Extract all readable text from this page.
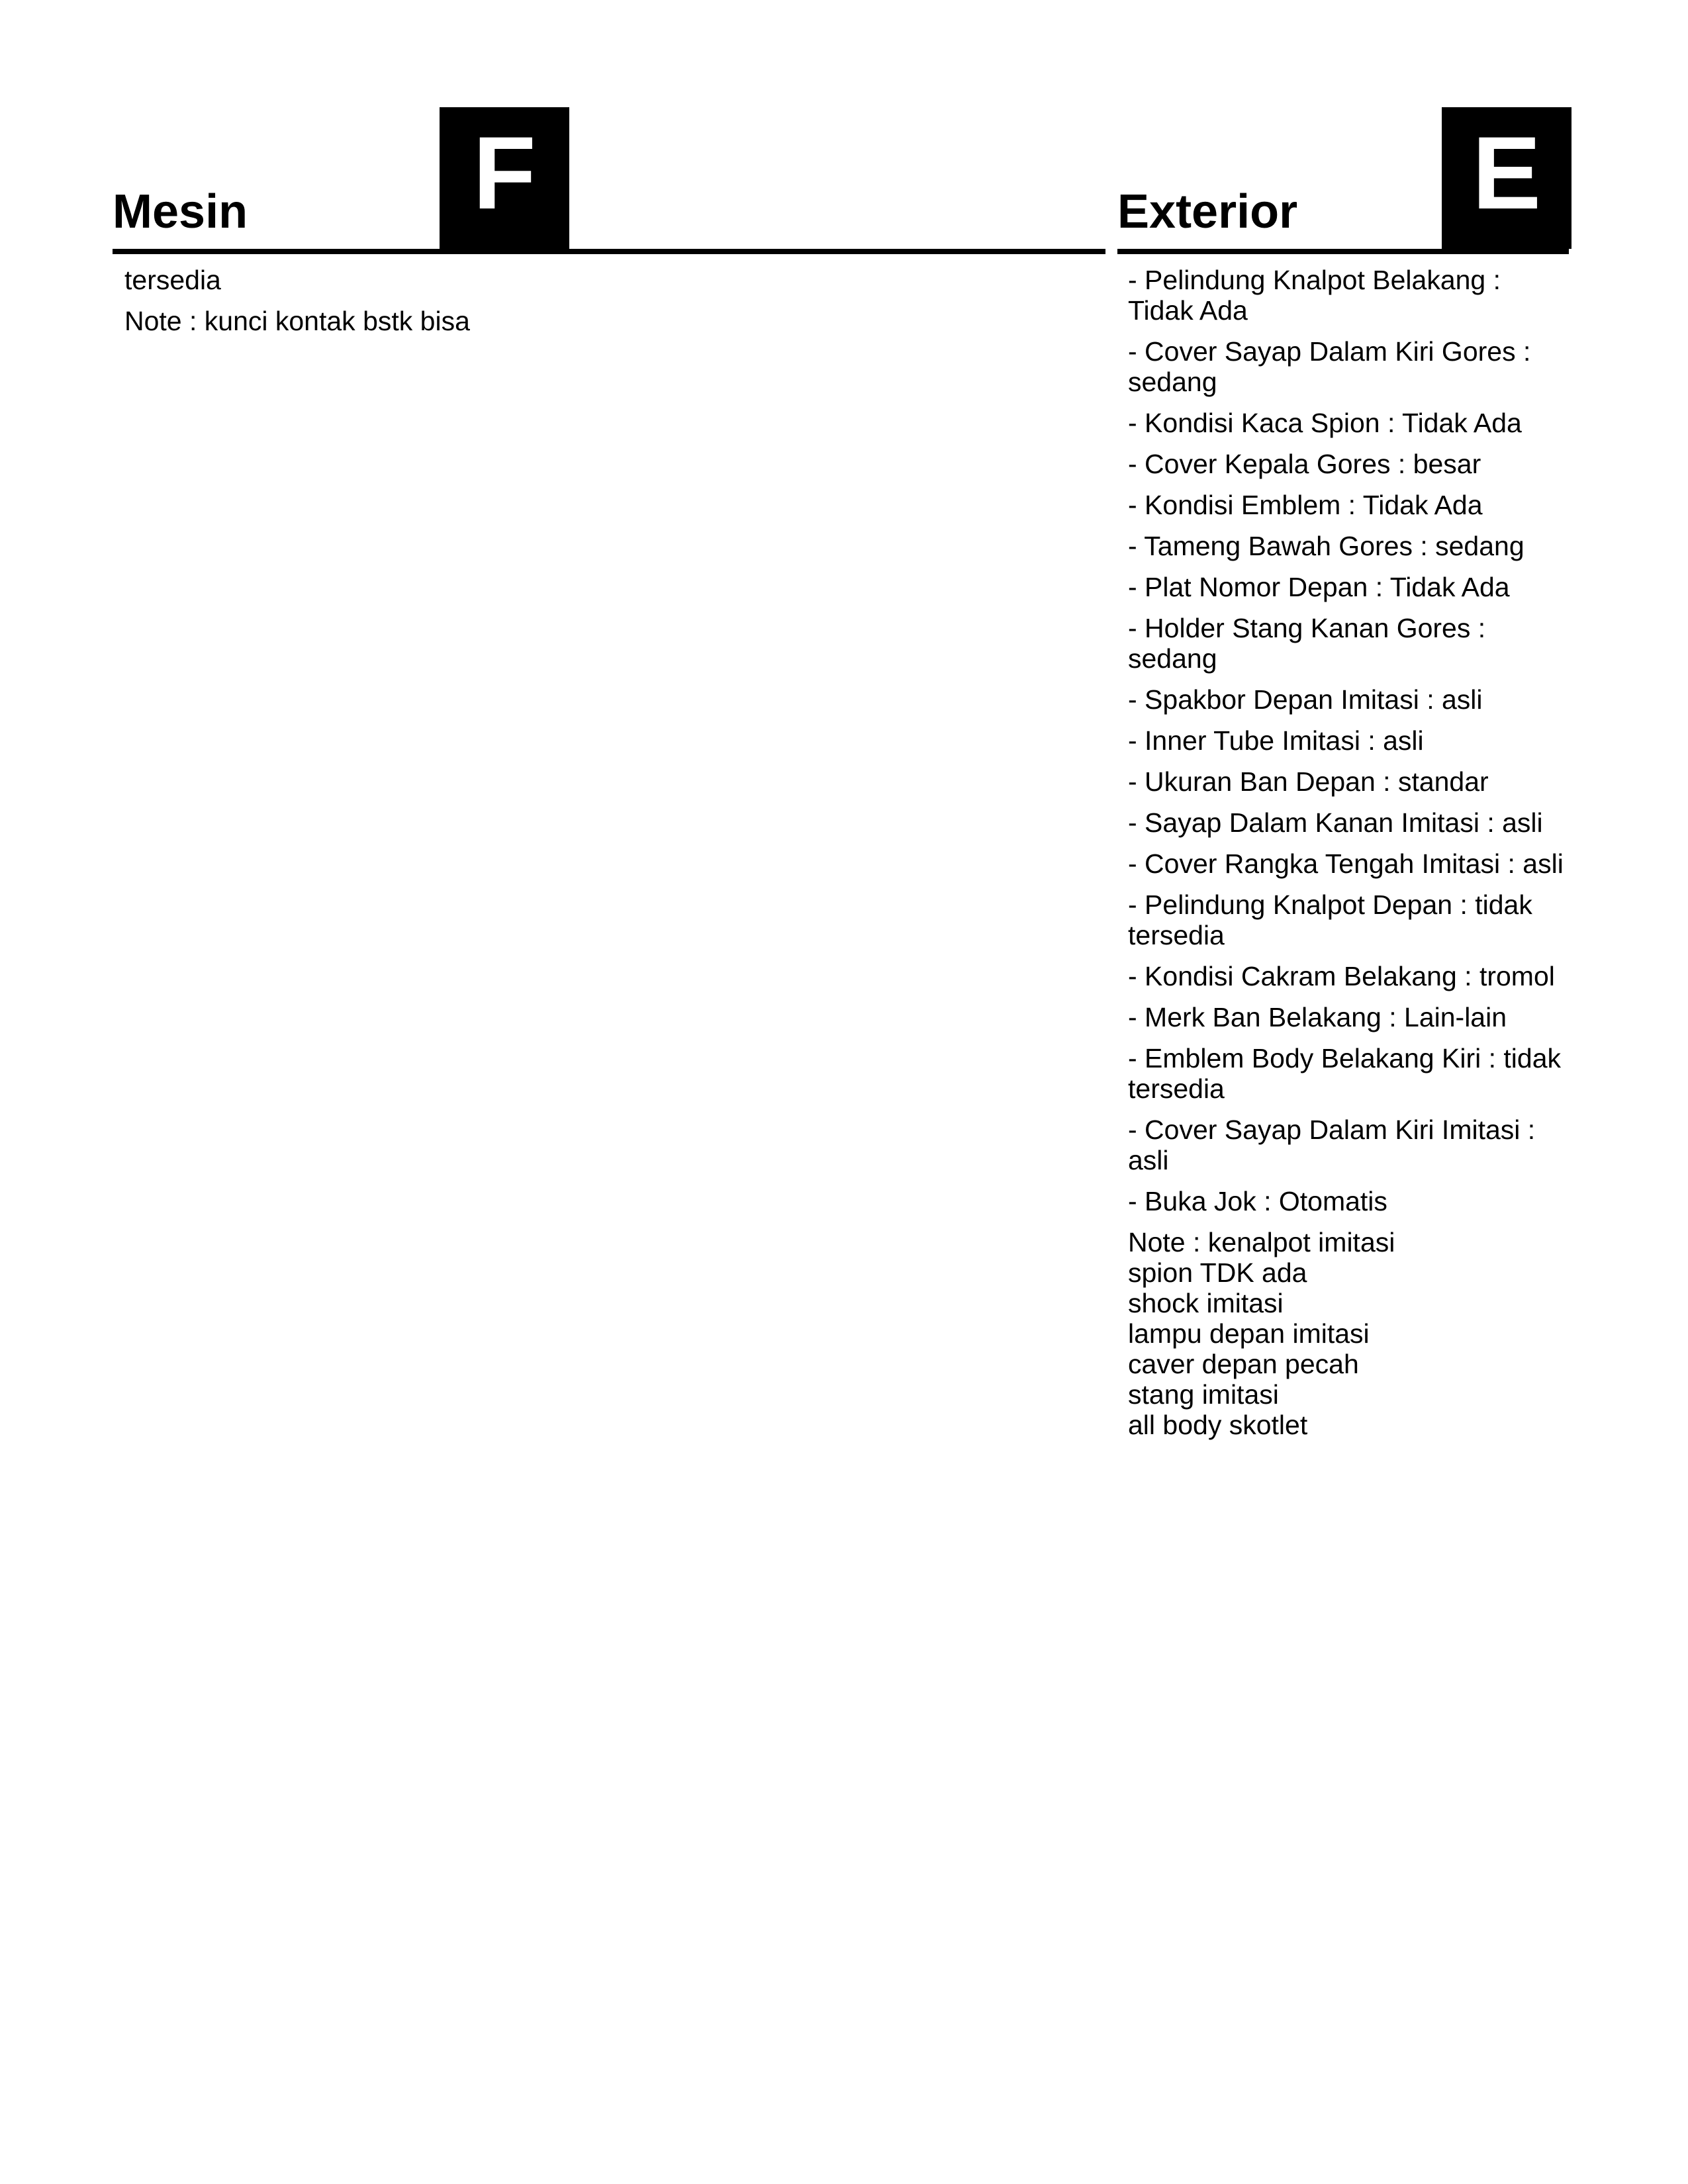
Mesin	F
tersedia
Note : kunci kontak bstk bisa
Exterior E
- Pelindung Knalpot Belakang : Tidak Ada
- Cover Sayap Dalam Kiri Gores : sedang
- Kondisi Kaca Spion : Tidak Ada
- Cover Kepala Gores : besar
- Kondisi Emblem : Tidak Ada
- Tameng Bawah Gores : sedang
- Plat Nomor Depan : Tidak Ada
- Holder Stang Kanan Gores : sedang
- Spakbor Depan Imitasi : asli
- Inner Tube Imitasi : asli
- Ukuran Ban Depan : standar
- Sayap Dalam Kanan Imitasi : asli
- Cover Rangka Tengah Imitasi : asli
- Pelindung Knalpot Depan : tidak tersedia
- Kondisi Cakram Belakang : tromol
- Merk Ban Belakang : Lain-lain
- Emblem Body Belakang Kiri : tidak tersedia
- Cover Sayap Dalam Kiri Imitasi : asli
- Buka Jok : Otomatis
Note : kenalpot imitasi
spion TDK ada
shock imitasi
lampu depan imitasi
caver depan pecah
stang imitasi
all body skotlet
